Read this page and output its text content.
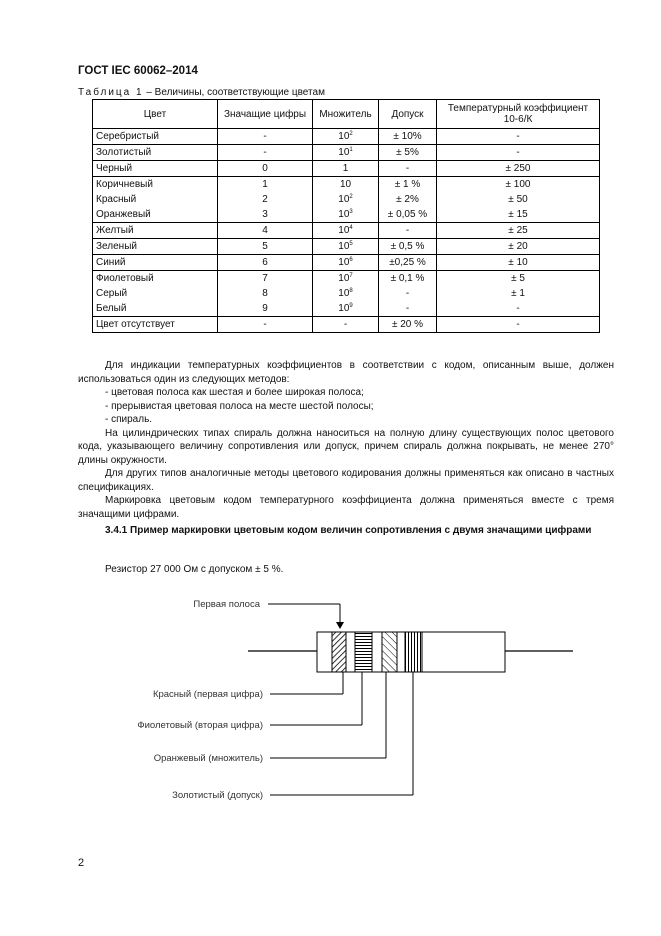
ГОСТ IEC 60062–2014
Таблица 1 – Величины, соответствующие цветам
Цвет	Значащие цифры	Множитель	Допуск	Температурный коэффициент 10-6/К
Серебристый	-	$10^2$	± 10%	-
Золотистый	-	$10^1$	± 5%	-
Черный	0	1	-	± 250
Коричневый	1	10	± 1 %	± 100
Красный	2	$10^2$	± 2%	± 50
Оранжевый	3	$10^3$	± 0,05 %	± 15
Желтый	4	$10^4$	-	± 25
Зеленый	5	$10^5$	± 0,5 %	± 20
Синий	6	$10^6$	±0,25 %	± 10
Фиолетовый	7	$10^7$	± 0,1 %	± 5
Серый	8	$10^8$	-	± 1
Белый	9	$10^9$	-	-
Цвет отсутствует	-	-	± 20 %	-

Для индикации температурных коэффициентов в соответствии с кодом, описанным выше, должен использоваться один из следующих методов:

- цветовая полоса как шестая и более широкая полоса;

- прерывистая цветовая полоса на месте шестой полосы;

- спираль.

На цилиндрических типах спираль должна наноситься на полную длину существующих полос цветового кода, указывающего величину сопротивления или допуск, причем спираль должна покрывать, не менее 270° длины окружности.

Для других типов аналогичные методы цветового кодирования должны применяться как описано в частных спецификациях.

Маркировка цветовым кодом температурного коэффициента должна применяться вместе с тремя значащими цифрами.

3.4.1 Пример маркировки цветовым кодом величин сопротивления с двумя значащими цифрами
Резистор 27 000 Ом с допуском ± 5 %.
Первая полоса
Красный (первая цифра)
Фиолетовый (вторая цифра)
Оранжевый (множитель)
Золотистый (допуск)
2
